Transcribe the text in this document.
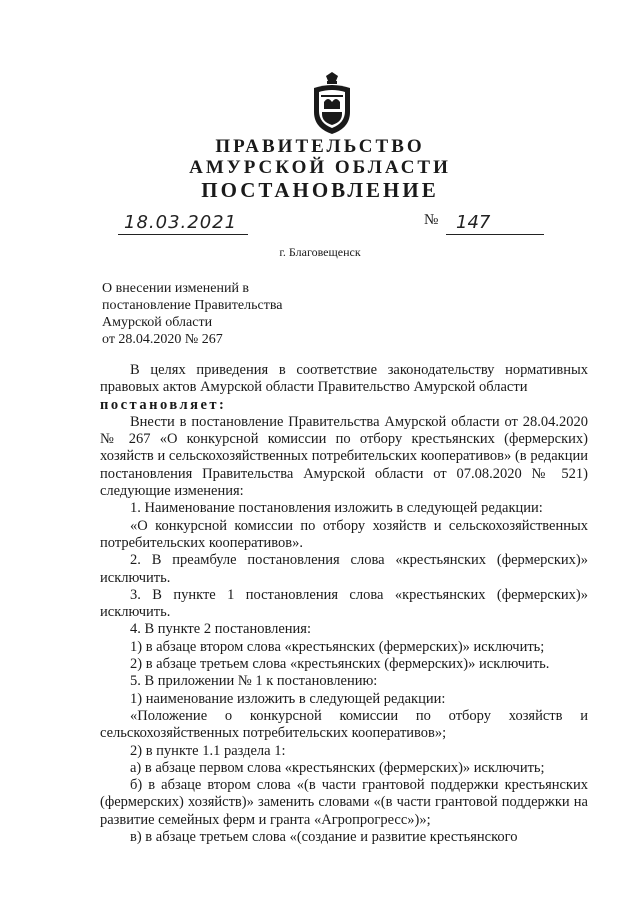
ПРАВИТЕЛЬСТВО
АМУРСКОЙ ОБЛАСТИ
ПОСТАНОВЛЕНИЕ
18.03.2021	№ 147
г. Благовещенск
О внесении изменений в
постановление Правительства
Амурской области
от 28.04.2020 № 267

В целях приведения в соответствие законодательству нормативных правовых актов Амурской области Правительство Амурской области

постановляет:

Внести в постановление Правительства Амурской области от 28.04.2020 № 267 «О конкурсной комиссии по отбору крестьянских (фермерских) хозяйств и сельскохозяйственных потребительских кооперативов» (в редакции постановления Правительства Амурской области от 07.08.2020 № 521) следующие изменения:

1. Наименование постановления изложить в следующей редакции:

«О конкурсной комиссии по отбору хозяйств и сельскохозяйственных потребительских кооперативов».

2. В преамбуле постановления слова «крестьянских (фермерских)» исключить.

3. В пункте 1 постановления слова «крестьянских (фермерских)» исключить.

4. В пункте 2 постановления:

1) в абзаце втором слова «крестьянских (фермерских)» исключить;

2) в абзаце третьем слова «крестьянских (фермерских)» исключить.

5. В приложении № 1 к постановлению:

1) наименование изложить в следующей редакции:

«Положение о конкурсной комиссии по отбору хозяйств и сельскохозяйственных потребительских кооперативов»;

2) в пункте 1.1 раздела 1:

а) в абзаце первом слова «крестьянских (фермерских)» исключить;

б) в абзаце втором слова «(в части грантовой поддержки крестьянских (фермерских) хозяйств)» заменить словами «(в части грантовой поддержки на развитие семейных ферм и гранта «Агропрогресс»)»;

в) в абзаце третьем слова «(создание и развитие крестьянского
